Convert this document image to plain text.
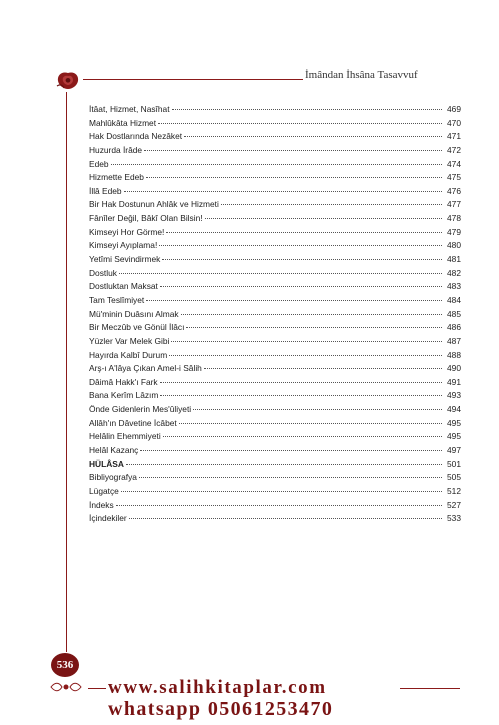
İmândan İhsâna Tasavvuf
İtâat, Hizmet, Nasîhat	469
Mahlûkâta Hizmet	470
Hak Dostlarında Nezâket	471
Huzurda İrâde	472
Edeb	474
Hizmette Edeb	475
İllâ Edeb	476
Bir Hak Dostunun Ahlâk ve Hizmeti	477
Fânîler Değil, Bâkî Olan Bilsin!	478
Kimseyi Hor Görme!	479
Kimseyi Ayıplama!	480
Yetîmi Sevindirmek	481
Dostluk	482
Dostluktan Maksat	483
Tam Teslîmiyet	484
Mü'minin Duâsını Almak	485
Bir Meczûb ve Gönül İlâcı	486
Yüzler Var Melek Gibi	487
Hayırda Kalbî Durum	488
Arş-ı A'lâya Çıkan Amel-i Sâlih	490
Dâimâ Hakk'ı Fark	491
Bana Kerîm Lâzım	493
Önde Gidenlerin Mes'ûliyeti	494
Allâh'ın Dâvetine İcâbet	495
Helâlin Ehemmiyeti	495
Helâl Kazanç	497
HÜLÂSA	501
Bibliyografya	505
Lügatçe	512
İndeks	527
İçindekiler	533
536
www.salihkitaplar.com
whatsapp 05061253470
